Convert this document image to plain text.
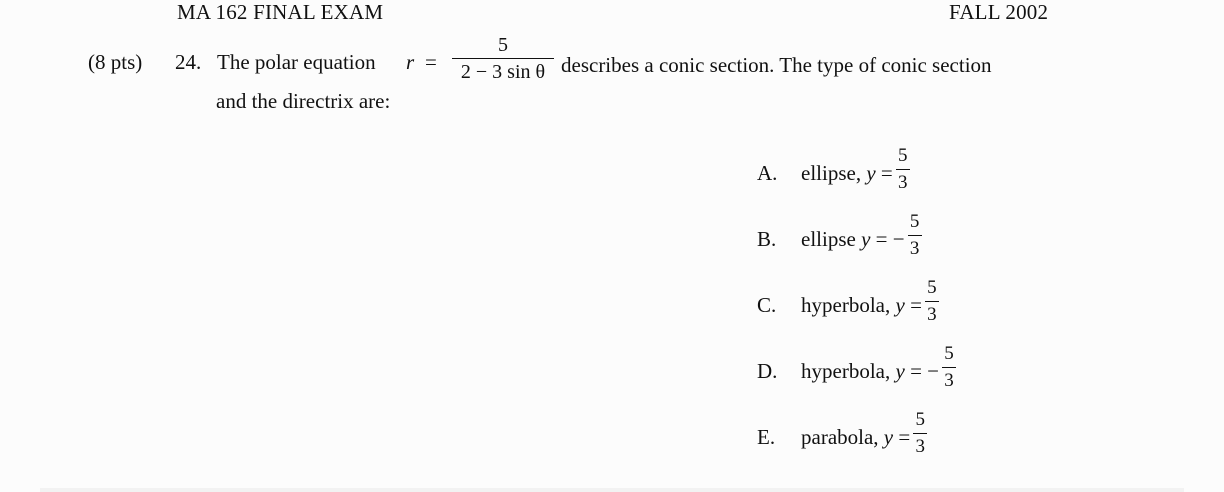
MA 162 FINAL EXAM	FALL 2002
(8 pts) 24. The polar equation r =
5
2 − 3 sin θ describes a conic section. The type of conic section
and the directrix are:
A. ellipse, y =
5
3
B. ellipse y = −
5
3
C. hyperbola, y =
5
3
D. hyperbola, y = −
5
3
E. parabola, y =
5
3
